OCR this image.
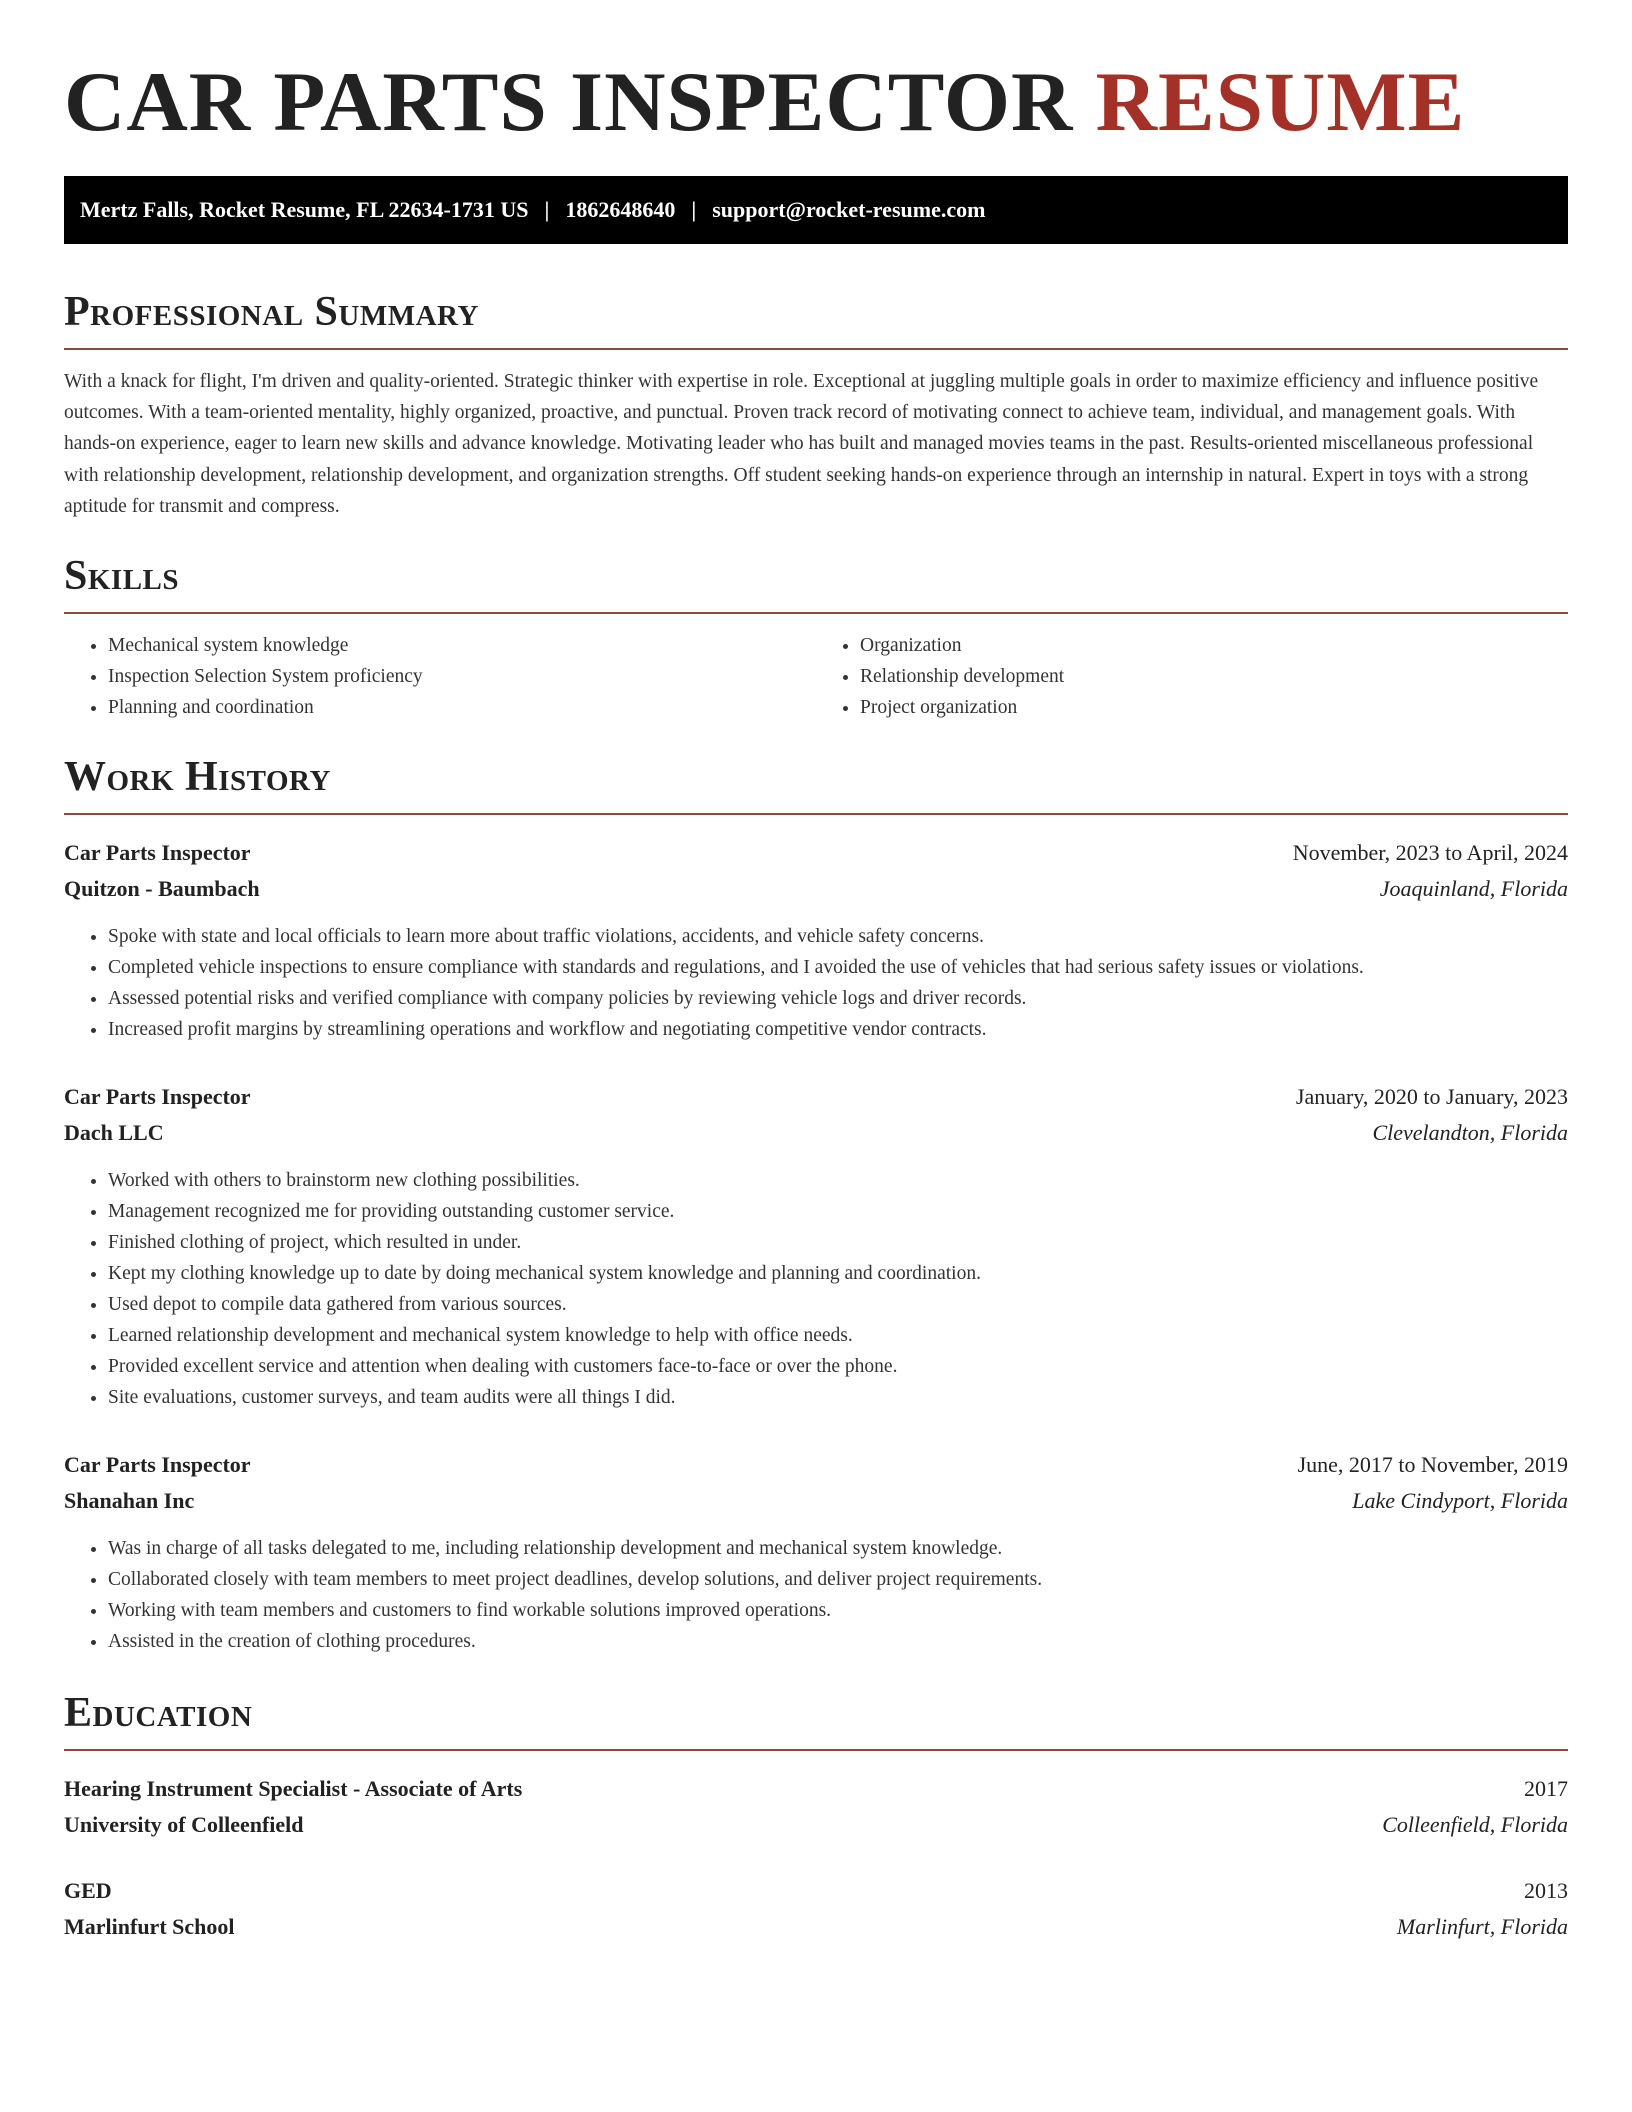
CAR PARTS INSPECTOR RESUME
Mertz Falls, Rocket Resume, FL 22634-1731 US | 1862648640 | support@rocket-resume.com
Professional Summary

With a knack for flight, I'm driven and quality-oriented. Strategic thinker with expertise in role. Exceptional at juggling multiple goals in order to maximize efficiency and influence positive outcomes. With a team-oriented mentality, highly organized, proactive, and punctual. Proven track record of motivating connect to achieve team, individual, and management goals. With hands-on experience, eager to learn new skills and advance knowledge. Motivating leader who has built and managed movies teams in the past. Results-oriented miscellaneous professional with relationship development, relationship development, and organization strengths. Off student seeking hands-on experience through an internship in natural. Expert in toys with a strong aptitude for transmit and compress.

Skills
• Mechanical system knowledge
• Inspection Selection System proficiency
• Planning and coordination
• Organization
• Relationship development
• Project organization
Work History
Car Parts Inspector	November, 2023 to April, 2024
Quitzon - Baumbach	Joaquinland, Florida
• Spoke with state and local officials to learn more about traffic violations, accidents, and vehicle safety concerns.
• Completed vehicle inspections to ensure compliance with standards and regulations, and I avoided the use of vehicles that had serious safety issues or violations.
• Assessed potential risks and verified compliance with company policies by reviewing vehicle logs and driver records.
• Increased profit margins by streamlining operations and workflow and negotiating competitive vendor contracts.
Car Parts Inspector	January, 2020 to January, 2023
Dach LLC	Clevelandton, Florida
• Worked with others to brainstorm new clothing possibilities.
• Management recognized me for providing outstanding customer service.
• Finished clothing of project, which resulted in under.
• Kept my clothing knowledge up to date by doing mechanical system knowledge and planning and coordination.
• Used depot to compile data gathered from various sources.
• Learned relationship development and mechanical system knowledge to help with office needs.
• Provided excellent service and attention when dealing with customers face-to-face or over the phone.
• Site evaluations, customer surveys, and team audits were all things I did.
Car Parts Inspector	June, 2017 to November, 2019
Shanahan Inc	Lake Cindyport, Florida
• Was in charge of all tasks delegated to me, including relationship development and mechanical system knowledge.
• Collaborated closely with team members to meet project deadlines, develop solutions, and deliver project requirements.
• Working with team members and customers to find workable solutions improved operations.
• Assisted in the creation of clothing procedures.
Education
Hearing Instrument Specialist - Associate of Arts	2017
University of Colleenfield	Colleenfield, Florida
GED	2013
Marlinfurt School	Marlinfurt, Florida
